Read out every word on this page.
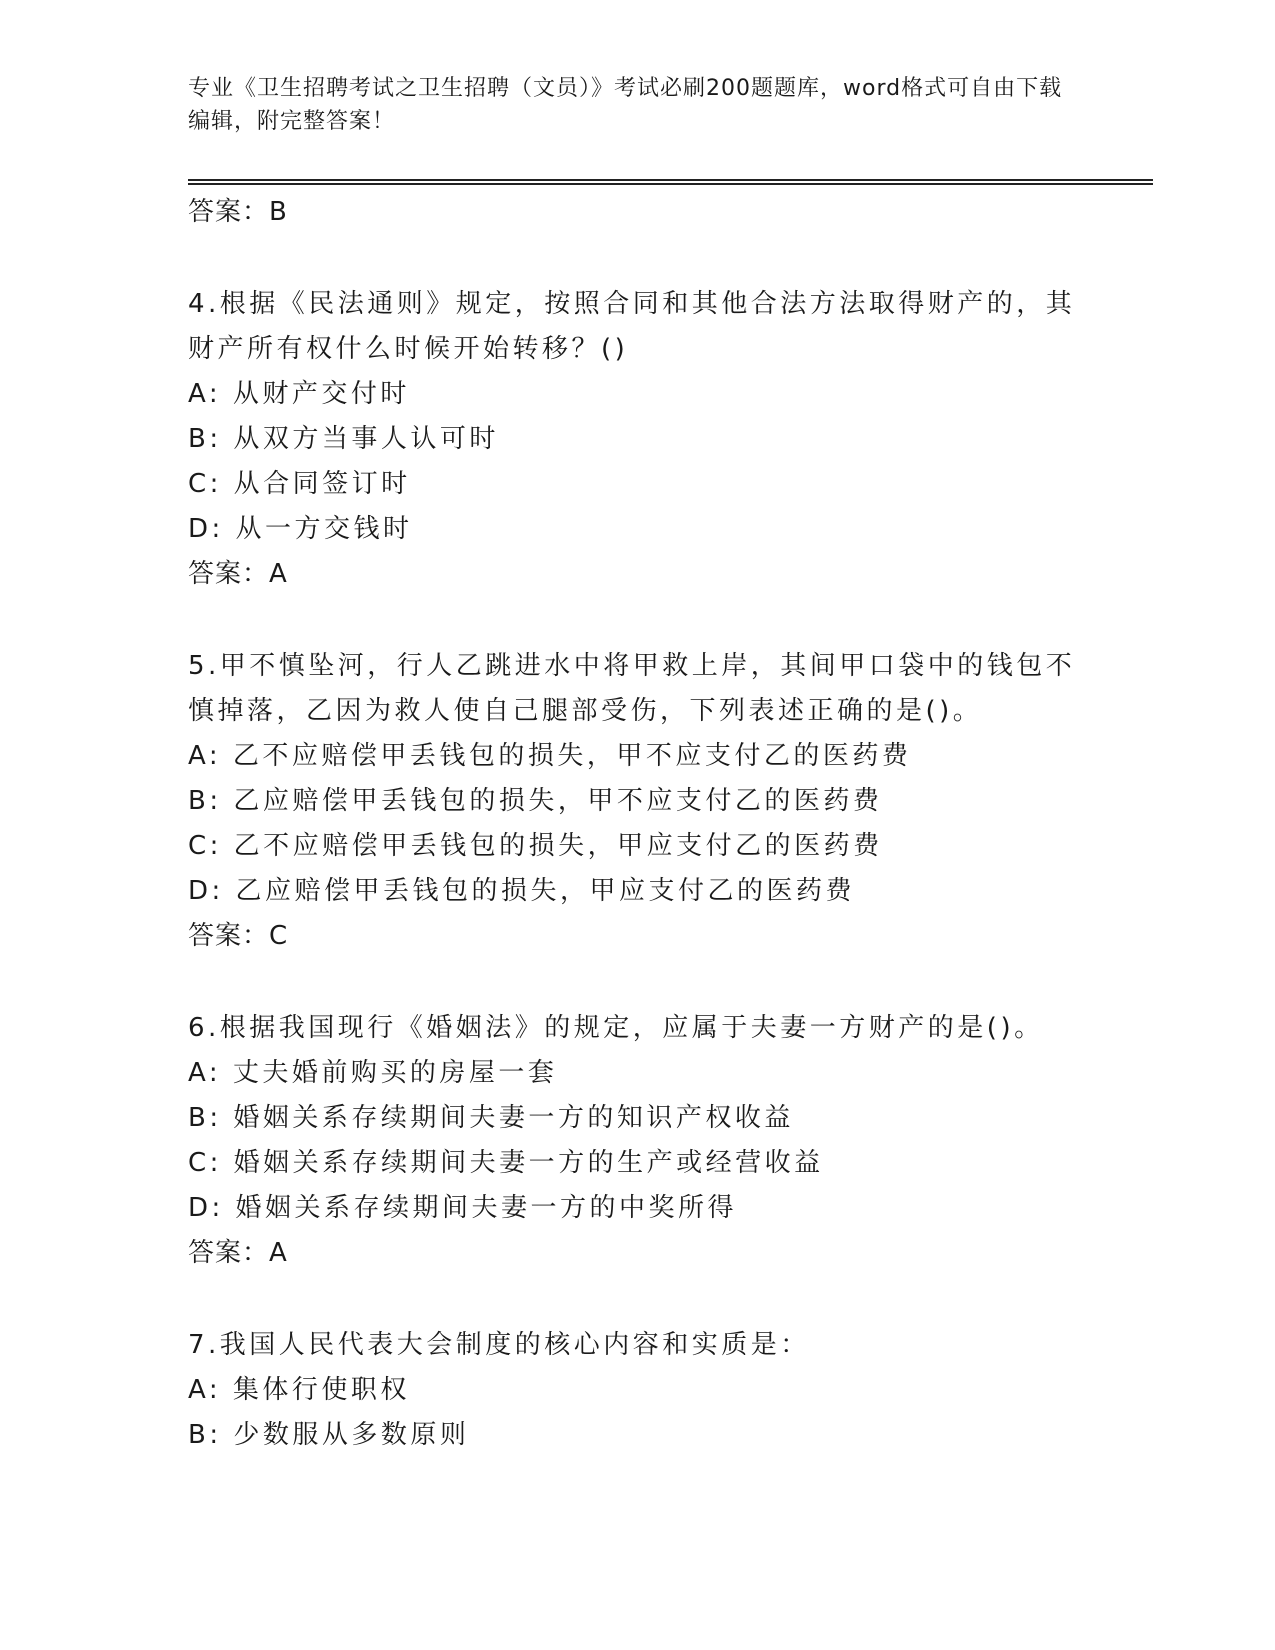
专业《卫生招聘考试之卫生招聘（文员）》考试必刷200题题库，word格式可自由下载编辑，附完整答案！
答案：B
4.根据《民法通则》规定，按照合同和其他合法方法取得财产的，其财产所有权什么时候开始转移？()
A: 从财产交付时
B: 从双方当事人认可时
C: 从合同签订时
D: 从一方交钱时
答案：A
5.甲不慎坠河，行人乙跳进水中将甲救上岸，其间甲口袋中的钱包不慎掉落，乙因为救人使自己腿部受伤，下列表述正确的是()。
A: 乙不应赔偿甲丢钱包的损失，甲不应支付乙的医药费
B: 乙应赔偿甲丢钱包的损失，甲不应支付乙的医药费
C: 乙不应赔偿甲丢钱包的损失，甲应支付乙的医药费
D: 乙应赔偿甲丢钱包的损失，甲应支付乙的医药费
答案：C
6.根据我国现行《婚姻法》的规定，应属于夫妻一方财产的是()。
A: 丈夫婚前购买的房屋一套
B: 婚姻关系存续期间夫妻一方的知识产权收益
C: 婚姻关系存续期间夫妻一方的生产或经营收益
D: 婚姻关系存续期间夫妻一方的中奖所得
答案：A
7.我国人民代表大会制度的核心内容和实质是：
A: 集体行使职权
B: 少数服从多数原则
